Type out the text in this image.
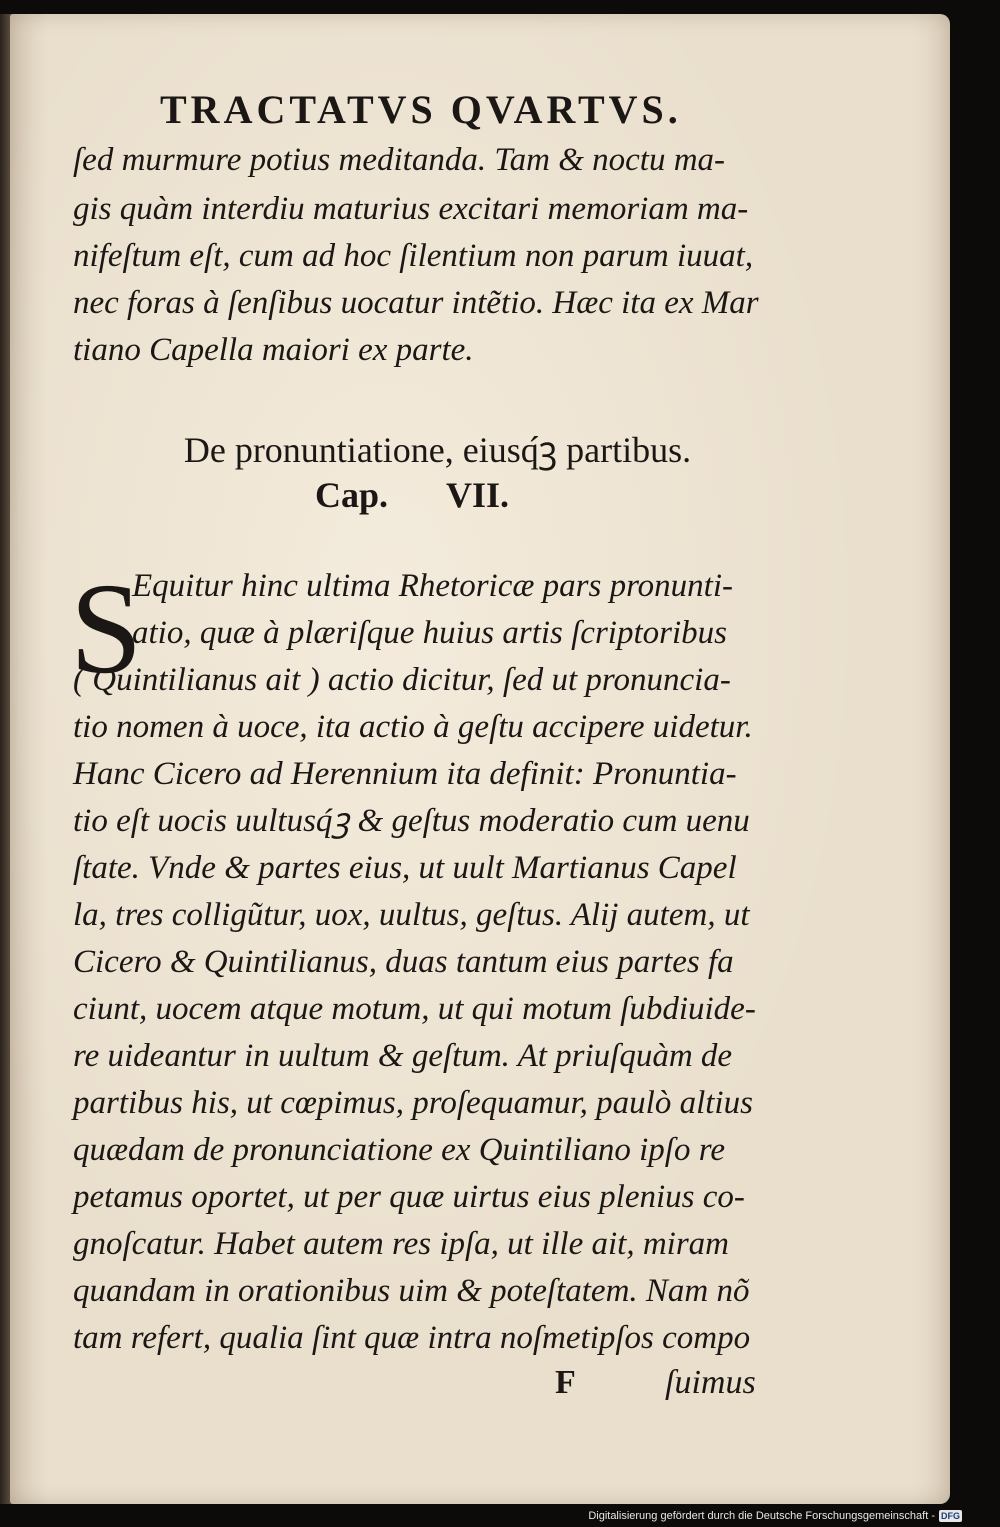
TRACTATVS QVARTVS.
ſed murmure potius meditanda. Tam & noctu ma-
gis quàm interdiu maturius excitari memoriam ma-
nifeſtum eſt, cum ad hoc ſilentium non parum iuuat,
nec foras à ſenſibus uocatur intẽtio. Hæc ita ex Mar
tiano Capella maiori ex parte.
De pronuntiatione, eiusq́ꝫ partibus.
Cap. VII.
S
Equitur hinc ultima Rhetoricæ pars pronunti-
atio, quæ à plæriſque huius artis ſcriptoribus
( Quintilianus ait ) actio dicitur, ſed ut pronuncia-
tio nomen à uoce, ita actio à geſtu accipere uidetur.
Hanc Cicero ad Herennium ita definit: Pronuntia-
tio eſt uocis uultusq́ꝫ & geſtus moderatio cum uenu
ſtate. Vnde & partes eius, ut uult Martianus Capel
la, tres colligũtur, uox, uultus, geſtus. Alij autem, ut
Cicero & Quintilianus, duas tantum eius partes fa
ciunt, uocem atque motum, ut qui motum ſubdiuide-
re uideantur in uultum & geſtum. At priuſquàm de
partibus his, ut cœpimus, proſequamur, paulò altius
quædam de pronunciatione ex Quintiliano ipſo re
petamus oportet, ut per quæ uirtus eius plenius co-
gnoſcatur. Habet autem res ipſa, ut ille ait, miram
quandam in orationibus uim & poteſtatem. Nam nõ
tam refert, qualia ſint quæ intra noſmetipſos compo
F	ſuimus
Digitalisierung gefördert durch die Deutsche Forschungsgemeinschaft - DFG
